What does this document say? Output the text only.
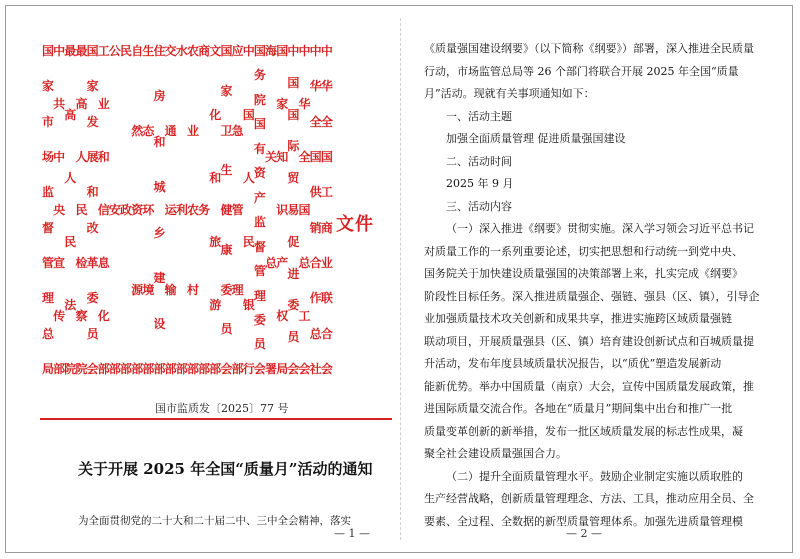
国
家
市
场
监
督
管
理
总
局
中
共
中
央
宣
传
部
最
高
人
民
法
院
最
高
人
民
检
察
院
国
家
发
展
和
改
革
委
员
会
工
业
和
信
息
化
部
公
安
部
民
政
部
自
然
资
源
部
生
态
环
境
部
住
房
和
城
乡
建
设
部
交
通
运
输
部
水
利
部
农
业
农
村
部
商
务
部
文
化
和
旅
游
部
国
家
卫
生
健
康
委
员
会
应
急
管
理
部
中
国
人
民
银
行
国
务
院
国
有
资
产
监
督
管
理
委
员
会
海
关
总
署
国
家
知
识
产
权
局
中
国
国
际
贸
易
促
进
委
员
会
中
华
全
国
总
工
会
中
华
全
国
供
销
合
作
总
社
中
华
全
国
工
商
业
联
合
会
文件
国市监质发〔2025〕77 号
关于开展 2025 年全国“质量月”活动的通知
为全面贯彻党的二十大和二十届二中、三中全会精神，落实
— 1 —

《质量强国建设纲要》（以下简称《纲要》）部署，深入推进全民质量

行动，市场监管总局等 26 个部门将联合开展 2025 年全国“质量

月”活动。现就有关事项通知如下：

一、活动主题

加强全面质量管理 促进质量强国建设

二、活动时间

2025 年 9 月

三、活动内容

（一）深入推进《纲要》贯彻实施。深入学习领会习近平总书记

对质量工作的一系列重要论述，切实把思想和行动统一到党中央、

国务院关于加快建设质量强国的决策部署上来，扎实完成《纲要》

阶段性目标任务。深入推进质量强企、强链、强县（区、镇），引导企

业加强质量技术攻关创新和成果共享，推进实施跨区域质量强链

联动项目，开展质量强县（区、镇）培育建设创新试点和百城质量提

升活动，发布年度县域质量状况报告，以“质优”塑造发展新动

能新优势。举办中国质量（南京）大会，宣传中国质量发展政策，推

进国际质量交流合作。各地在“质量月”期间集中出台和推广一批

质量变革创新的新举措，发布一批区域质量发展的标志性成果，凝

聚全社会建设质量强国合力。

（二）提升全面质量管理水平。鼓励企业制定实施以质取胜的

生产经营战略，创新质量管理理念、方法、工具，推动应用全员、全

要素、全过程、全数据的新型质量管理体系。加强先进质量管理模

— 2 —
